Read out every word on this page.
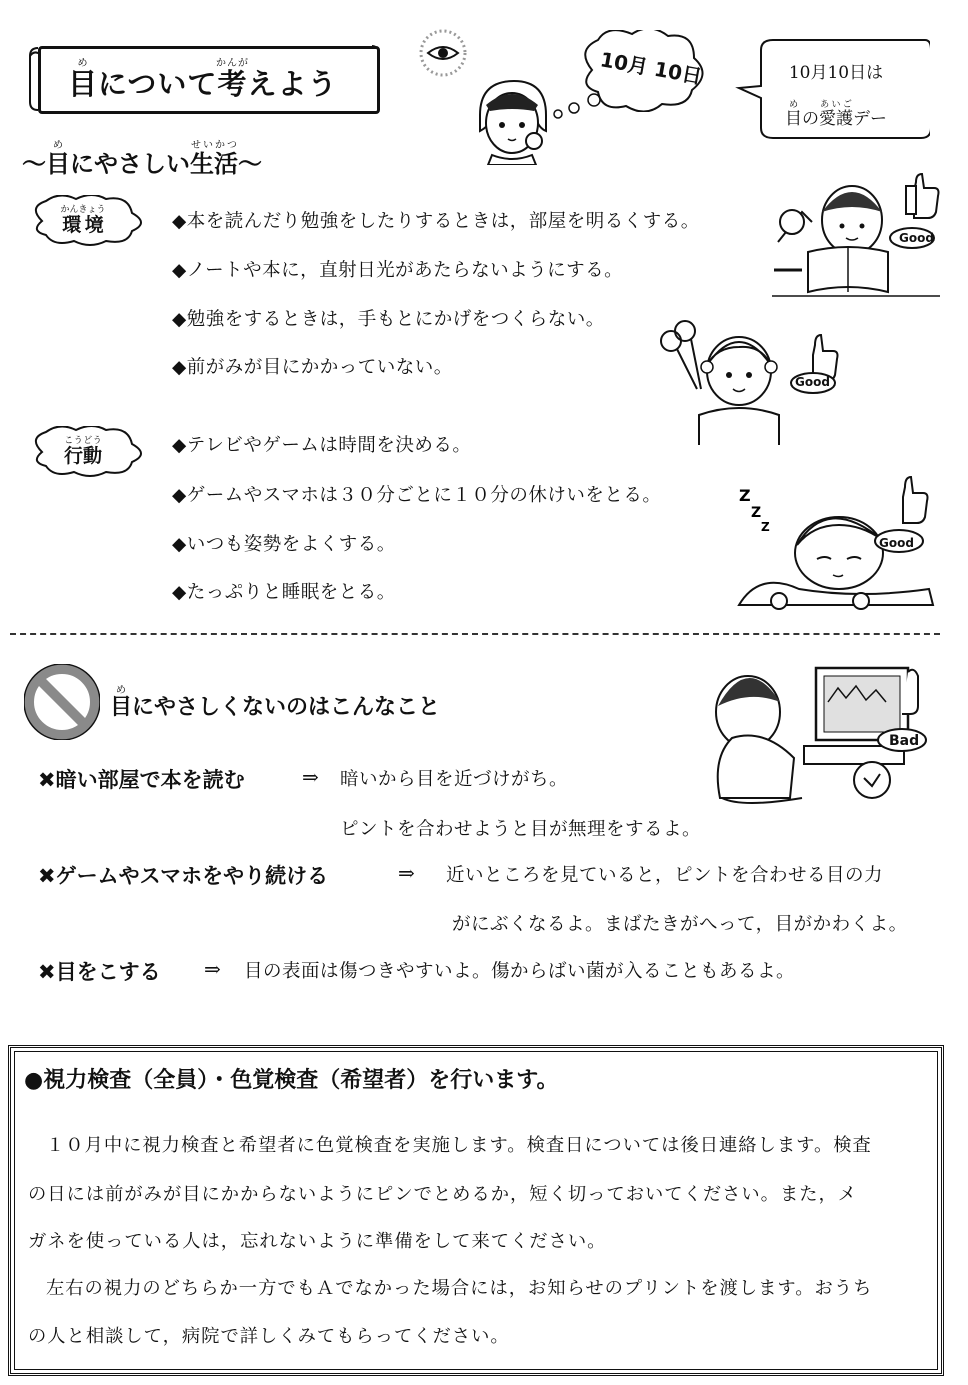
目めについて考かんがえよう
～目めにやさしい生活せいかつ～
10月 10日	10月10日は
目めの愛護あいごデー
環境かんきょう
◆本を読んだり勉強をしたりするときは，部屋を明るくする。
◆ノートや本に，直射日光があたらないようにする。
◆勉強をするときは，手もとにかげをつくらない。
◆前がみが目にかかっていない。
Good
Good
行動こうどう	◆テレビやゲームは時間を決める。
◆ゲームやスマホは３０分ごとに１０分の休けいをとる。
◆いつも姿勢をよくする。
◆たっぷりと睡眠をとる。
Z
Z
Z
Good
目めにやさしくないのはこんなこと
Bad
✖暗い部屋で本を読む	⇒ 暗いから目を近づけがち。
ピントを合わせようと目が無理をするよ。
✖ゲームやスマホをやり続ける	⇒ 近いところを見ていると，ピントを合わせる目の力
がにぶくなるよ。まばたきがへって，目がかわくよ。
✖目をこする ⇒ 目の表面は傷つきやすいよ。傷からばい菌が入ることもあるよ。
●視力検査（全員）・色覚検査（希望者）を行います。
１０月中に視力検査と希望者に色覚検査を実施します。検査日については後日連絡します。検査
の日には前がみが目にかからないようにピンでとめるか，短く切っておいてください。また，メ
ガネを使っている人は，忘れないように準備をして来てください。
左右の視力のどちらか一方でもＡでなかった場合には，お知らせのプリントを渡します。おうち
の人と相談して，病院で詳しくみてもらってください。
